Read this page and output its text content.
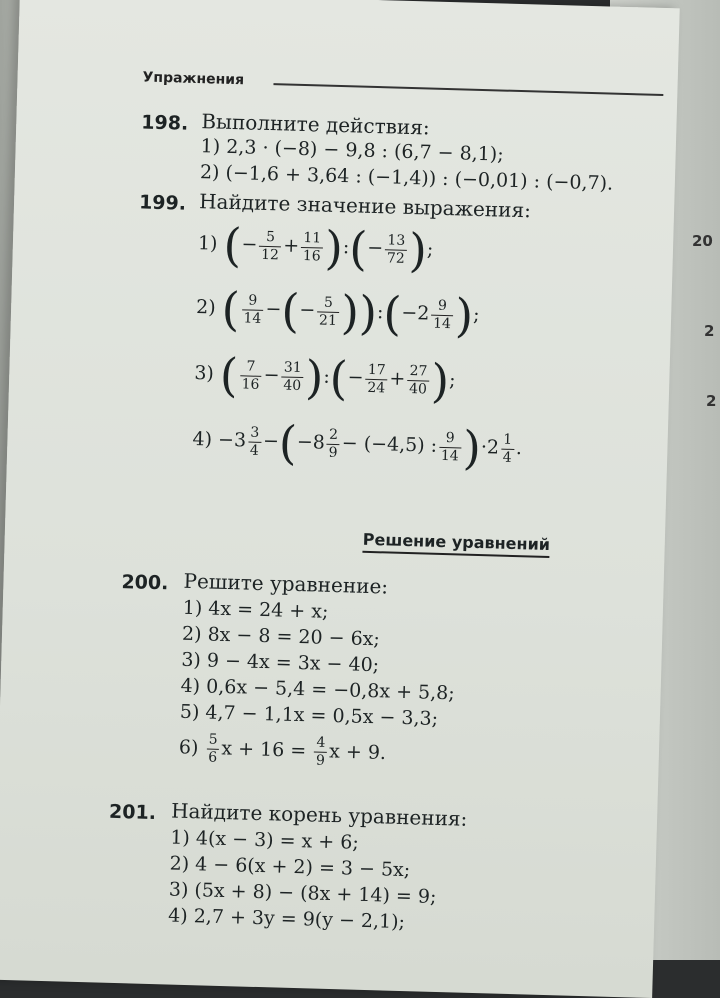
20
2
2
Упражнения
198. Выполните действия:
1) 2,3 · (−8) − 9,8 : (6,7 − 8,1);
2) (−1,6 + 3,64 : (−1,4)) : (−0,01) : (−0,7).
199. Найдите значение выражения:
1) (− $\frac{5}{12} + \frac{11}{16}$ ):(− $\frac{13}{72}$ );
2) ( $\frac{9}{14}$ −(− $\frac{5}{21}$ )):(−2 $\frac{9}{14}$ );
3) ( $\frac{7}{16} - \frac{31}{40}$ ):(− $\frac{17}{24} + \frac{27}{40}$ );
$4) -3 \frac{3}{4} -(-8 \frac{2}{9} - (-4,5)$ : $\frac{9}{14} )\cdot 2 \frac{1}{4}$ .
Решение уравнений
200. Решите уравнение:
1) 4x = 24 + x;
2) 8x − 8 = 20 − 6x;
3) 9 − 4x = 3x − 40;
4) 0,6x − 5,4 = −0,8x + 5,8;
5) 4,7 − 1,1x = 0,5x − 3,3;
$6) \frac{5}{6}$ $x + 16 = \frac{4}{9}$ x + 9.
201. Найдите корень уравнения:
1) 4(x − 3) = x + 6;
2) 4 − 6(x + 2) = 3 − 5x;
3) (5x + 8) − (8x + 14) = 9;
4) 2,7 + 3y = 9(y − 2,1);
